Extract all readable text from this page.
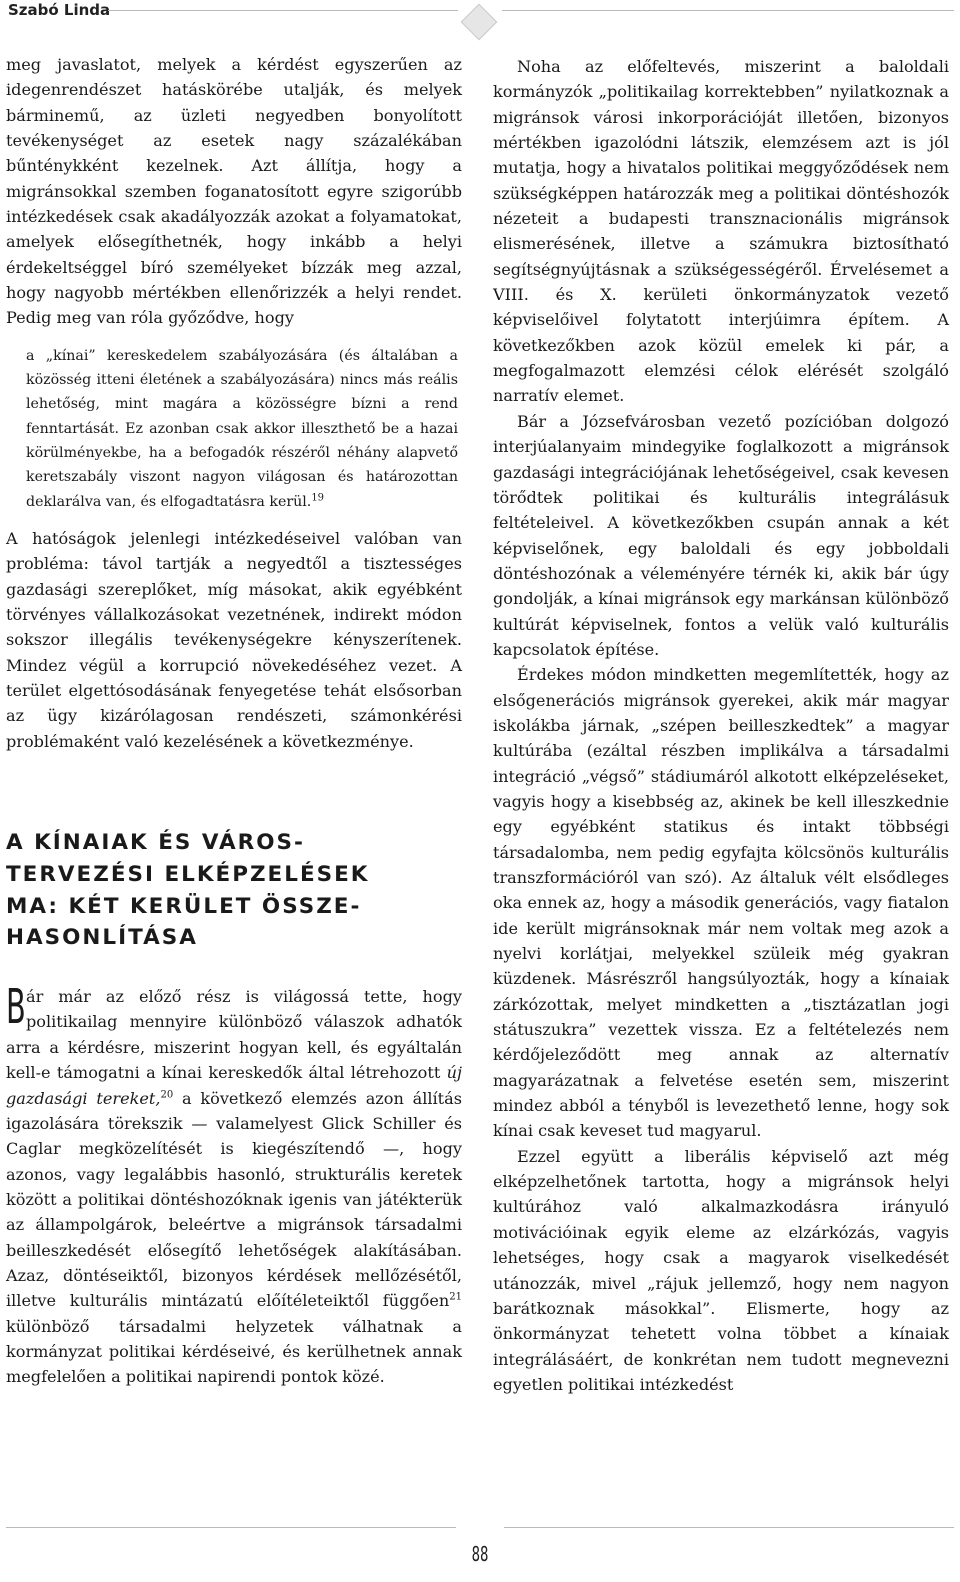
Szabó Linda

meg javaslatot, melyek a kérdést egyszerűen az idegenrendészet hatáskörébe utalják, és melyek bárminemű, az üzleti negyedben bonyolított tevékenységet az esetek nagy százalékában bűnténykként kezelnek. Azt állítja, hogy a migránsokkal szemben foganatosított egyre szigorúbb intézkedések csak akadályozzák azokat a folyamatokat, amelyek elősegíthetnék, hogy inkább a helyi érdekeltséggel bíró személyeket bízzák meg azzal, hogy nagyobb mértékben ellenőrizzék a helyi rendet. Pedig meg van róla győződve, hogy

a „kínai” kereskedelem szabályozására (és általában a közösség itteni életének a szabályozására) nincs más reális lehetőség, mint magára a közösségre bízni a rend fenntartását. Ez azonban csak akkor illeszthető be a hazai körülményekbe, ha a befogadók részéről néhány alapvető keretszabály viszont nagyon világosan és határozottan deklarálva van, és elfogadtatásra kerül.$^{19}$

A hatóságok jelenlegi intézkedéseivel valóban van probléma: távol tartják a negyedtől a tisztességes gazdasági szereplőket, míg másokat, akik egyébként törvényes vállalkozásokat vezetnének, indirekt módon sokszor illegális tevékenységekre kényszerítenek. Mindez végül a korrupció növekedéséhez vezet. A terület elgettósodásának fenyegetése tehát elsősorban az ügy kizárólagosan rendészeti, számonkérési problémaként való kezelésének a következménye.

A KÍNAIAK ÉS VÁROS-
TERVEZÉSI ELKÉPZELÉSEK
MA: KÉT KERÜLET ÖSSZE-
HASONLÍTÁSA

Bár már az előző rész is világossá tette, hogy politikailag mennyire különböző válaszok adhatók arra a kérdésre, miszerint hogyan kell, és egyáltalán kell-e támogatni a kínai kereskedők által létrehozott új gazdasági tereket,$^{20}$ a következő elemzés azon állítás igazolására törekszik — valamelyest Glick Schiller és Caglar megközelítését is kiegészítendő —, hogy azonos, vagy legalábbis hasonló, strukturális keretek között a politikai döntéshozóknak igenis van játékterük az állampolgárok, beleértve a migránsok társadalmi beilleszkedését elősegítő lehetőségek alakításában. Azaz, döntéseiktől, bizonyos kérdések mellőzésétől, illetve kulturális mintázatú előítéleteiktől függően$^{21}$ különböző társadalmi helyzetek válhatnak a kormányzat politikai kérdéseivé, és kerülhetnek annak megfelelően a politikai napirendi pontok közé.

Noha az előfeltevés, miszerint a baloldali kormányzók „politikailag korrektebben” nyilatkoznak a migránsok városi inkorporációját illetően, bizonyos mértékben igazolódni látszik, elemzésem azt is jól mutatja, hogy a hivatalos politikai meggyőződések nem szükségképpen határozzák meg a politikai döntéshozók nézeteit a budapesti transznacionális migránsok elismerésének, illetve a számukra biztosítható segítségnyújtásnak a szükségességéről. Érvelésemet a VIII. és X. kerületi önkormányzatok vezető képviselőivel folytatott interjúimra építem. A következőkben azok közül emelek ki pár, a megfogalmazott elemzési célok elérését szolgáló narratív elemet.

Bár a Józsefvárosban vezető pozícióban dolgozó interjúalanyaim mindegyike foglalkozott a migránsok gazdasági integrációjának lehetőségeivel, csak kevesen törődtek politikai és kulturális integrálásuk feltételeivel. A következőkben csupán annak a két képviselőnek, egy baloldali és egy jobboldali döntéshozónak a véleményére térnék ki, akik bár úgy gondolják, a kínai migránsok egy markánsan különböző kultúrát képviselnek, fontos a velük való kulturális kapcsolatok építése.

Érdekes módon mindketten megemlítették, hogy az elsőgenerációs migránsok gyerekei, akik már magyar iskolákba járnak, „szépen beilleszkedtek” a magyar kultúrába (ezáltal részben implikálva a társadalmi integráció „végső” stádiumáról alkotott elképzeléseket, vagyis hogy a kisebbség az, akinek be kell illeszkednie egy egyébként statikus és intakt többségi társadalomba, nem pedig egyfajta kölcsönös kulturális transzformációról van szó). Az általuk vélt elsődleges oka ennek az, hogy a második generációs, vagy fiatalon ide került migránsoknak már nem voltak meg azok a nyelvi korlátjai, melyekkel szüleik még gyakran küzdenek. Másrészről hangsúlyozták, hogy a kínaiak zárkózottak, melyet mindketten a „tisztázatlan jogi státuszukra” vezettek vissza. Ez a feltételezés nem kérdőjeleződött meg annak az alternatív magyarázatnak a felvetése esetén sem, miszerint mindez abból a tényből is levezethető lenne, hogy sok kínai csak keveset tud magyarul.

Ezzel együtt a liberális képviselő azt még elképzelhetőnek tartotta, hogy a migránsok helyi kultúrához való alkalmazkodásra irányuló motivációinak egyik eleme az elzárkózás, vagyis lehetséges, hogy csak a magyarok viselkedését utánozzák, mivel „rájuk jellemző, hogy nem nagyon barátkoznak másokkal”. Elismerte, hogy az önkormányzat tehetett volna többet a kínaiak integrálásáért, de konkrétan nem tudott megnevezni egyetlen politikai intézkedést

88
